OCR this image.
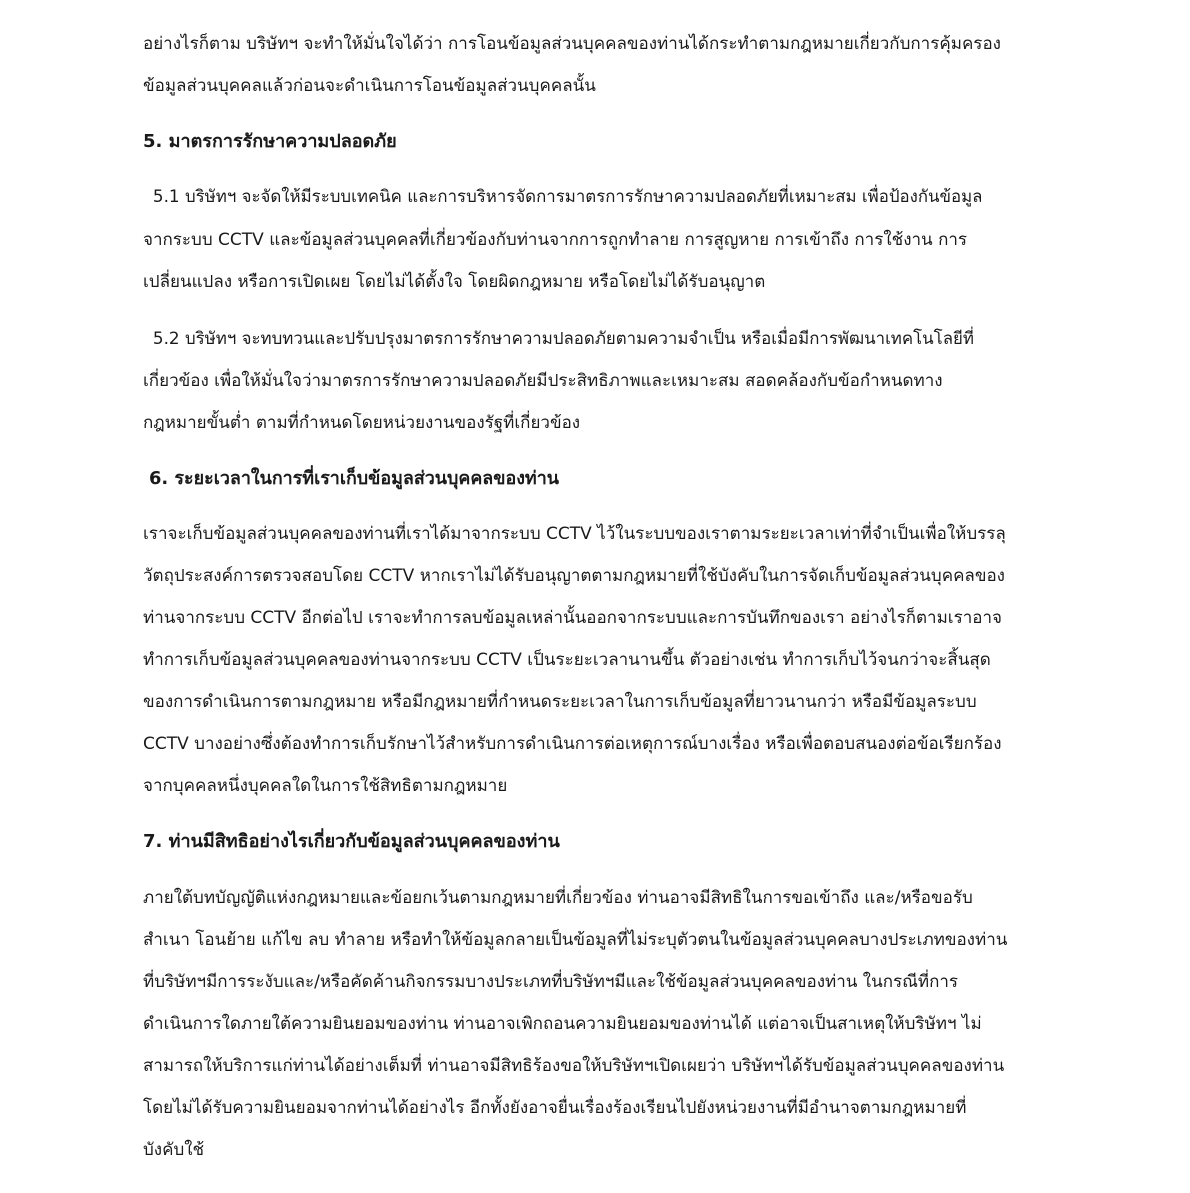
อย่างไรก็ตาม บริษัทฯ จะทำให้มั่นใจได้ว่า การโอนข้อมูลส่วนบุคคลของท่านได้กระทำตามกฎหมายเกี่ยวกับการคุ้มครอง
ข้อมูลส่วนบุคคลแล้วก่อนจะดำเนินการโอนข้อมูลส่วนบุคคลนั้น
5. มาตรการรักษาความปลอดภัย
5.1 บริษัทฯ จะจัดให้มีระบบเทคนิค และการบริหารจัดการมาตรการรักษาความปลอดภัยที่เหมาะสม เพื่อป้องกันข้อมูล
จากระบบ CCTV และข้อมูลส่วนบุคคลที่เกี่ยวข้องกับท่านจากการถูกทำลาย การสูญหาย การเข้าถึง การใช้งาน การ
เปลี่ยนแปลง หรือการเปิดเผย โดยไม่ได้ตั้งใจ โดยผิดกฎหมาย หรือโดยไม่ได้รับอนุญาต
5.2 บริษัทฯ จะทบทวนและปรับปรุงมาตรการรักษาความปลอดภัยตามความจำเป็น หรือเมื่อมีการพัฒนาเทคโนโลยีที่
เกี่ยวข้อง เพื่อให้มั่นใจว่ามาตรการรักษาความปลอดภัยมีประสิทธิภาพและเหมาะสม สอดคล้องกับข้อกำหนดทาง
กฎหมายขั้นต่ำ ตามที่กำหนดโดยหน่วยงานของรัฐที่เกี่ยวข้อง
6. ระยะเวลาในการที่เราเก็บข้อมูลส่วนบุคคลของท่าน
เราจะเก็บข้อมูลส่วนบุคคลของท่านที่เราได้มาจากระบบ CCTV ไว้ในระบบของเราตามระยะเวลาเท่าที่จำเป็นเพื่อให้บรรลุ
วัตถุประสงค์การตรวจสอบโดย CCTV หากเราไม่ได้รับอนุญาตตามกฎหมายที่ใช้บังคับในการจัดเก็บข้อมูลส่วนบุคคลของ
ท่านจากระบบ CCTV อีกต่อไป เราจะทำการลบข้อมูลเหล่านั้นออกจากระบบและการบันทึกของเรา อย่างไรก็ตามเราอาจ
ทำการเก็บข้อมูลส่วนบุคคลของท่านจากระบบ CCTV เป็นระยะเวลานานขึ้น ตัวอย่างเช่น ทำการเก็บไว้จนกว่าจะสิ้นสุด
ของการดำเนินการตามกฎหมาย หรือมีกฎหมายที่กำหนดระยะเวลาในการเก็บข้อมูลที่ยาวนานกว่า หรือมีข้อมูลระบบ
CCTV บางอย่างซึ่งต้องทำการเก็บรักษาไว้สำหรับการดำเนินการต่อเหตุการณ์บางเรื่อง หรือเพื่อตอบสนองต่อข้อเรียกร้อง
จากบุคคลหนึ่งบุคคลใดในการใช้สิทธิตามกฎหมาย
7. ท่านมีสิทธิอย่างไรเกี่ยวกับข้อมูลส่วนบุคคลของท่าน
ภายใต้บทบัญญัติแห่งกฎหมายและข้อยกเว้นตามกฎหมายที่เกี่ยวข้อง ท่านอาจมีสิทธิในการขอเข้าถึง และ/หรือขอรับ
สำเนา โอนย้าย แก้ไข ลบ ทำลาย หรือทำให้ข้อมูลกลายเป็นข้อมูลที่ไม่ระบุตัวตนในข้อมูลส่วนบุคคลบางประเภทของท่าน
ที่บริษัทฯมีการระงับและ/หรือคัดค้านกิจกรรมบางประเภทที่บริษัทฯมีและใช้ข้อมูลส่วนบุคคลของท่าน ในกรณีที่การ
ดำเนินการใดภายใต้ความยินยอมของท่าน ท่านอาจเพิกถอนความยินยอมของท่านได้ แต่อาจเป็นสาเหตุให้บริษัทฯ ไม่
สามารถให้บริการแก่ท่านได้อย่างเต็มที่ ท่านอาจมีสิทธิร้องขอให้บริษัทฯเปิดเผยว่า บริษัทฯได้รับข้อมูลส่วนบุคคลของท่าน
โดยไม่ได้รับความยินยอมจากท่านได้อย่างไร อีกทั้งยังอาจยื่นเรื่องร้องเรียนไปยังหน่วยงานที่มีอำนาจตามกฎหมายที่
บังคับใช้
